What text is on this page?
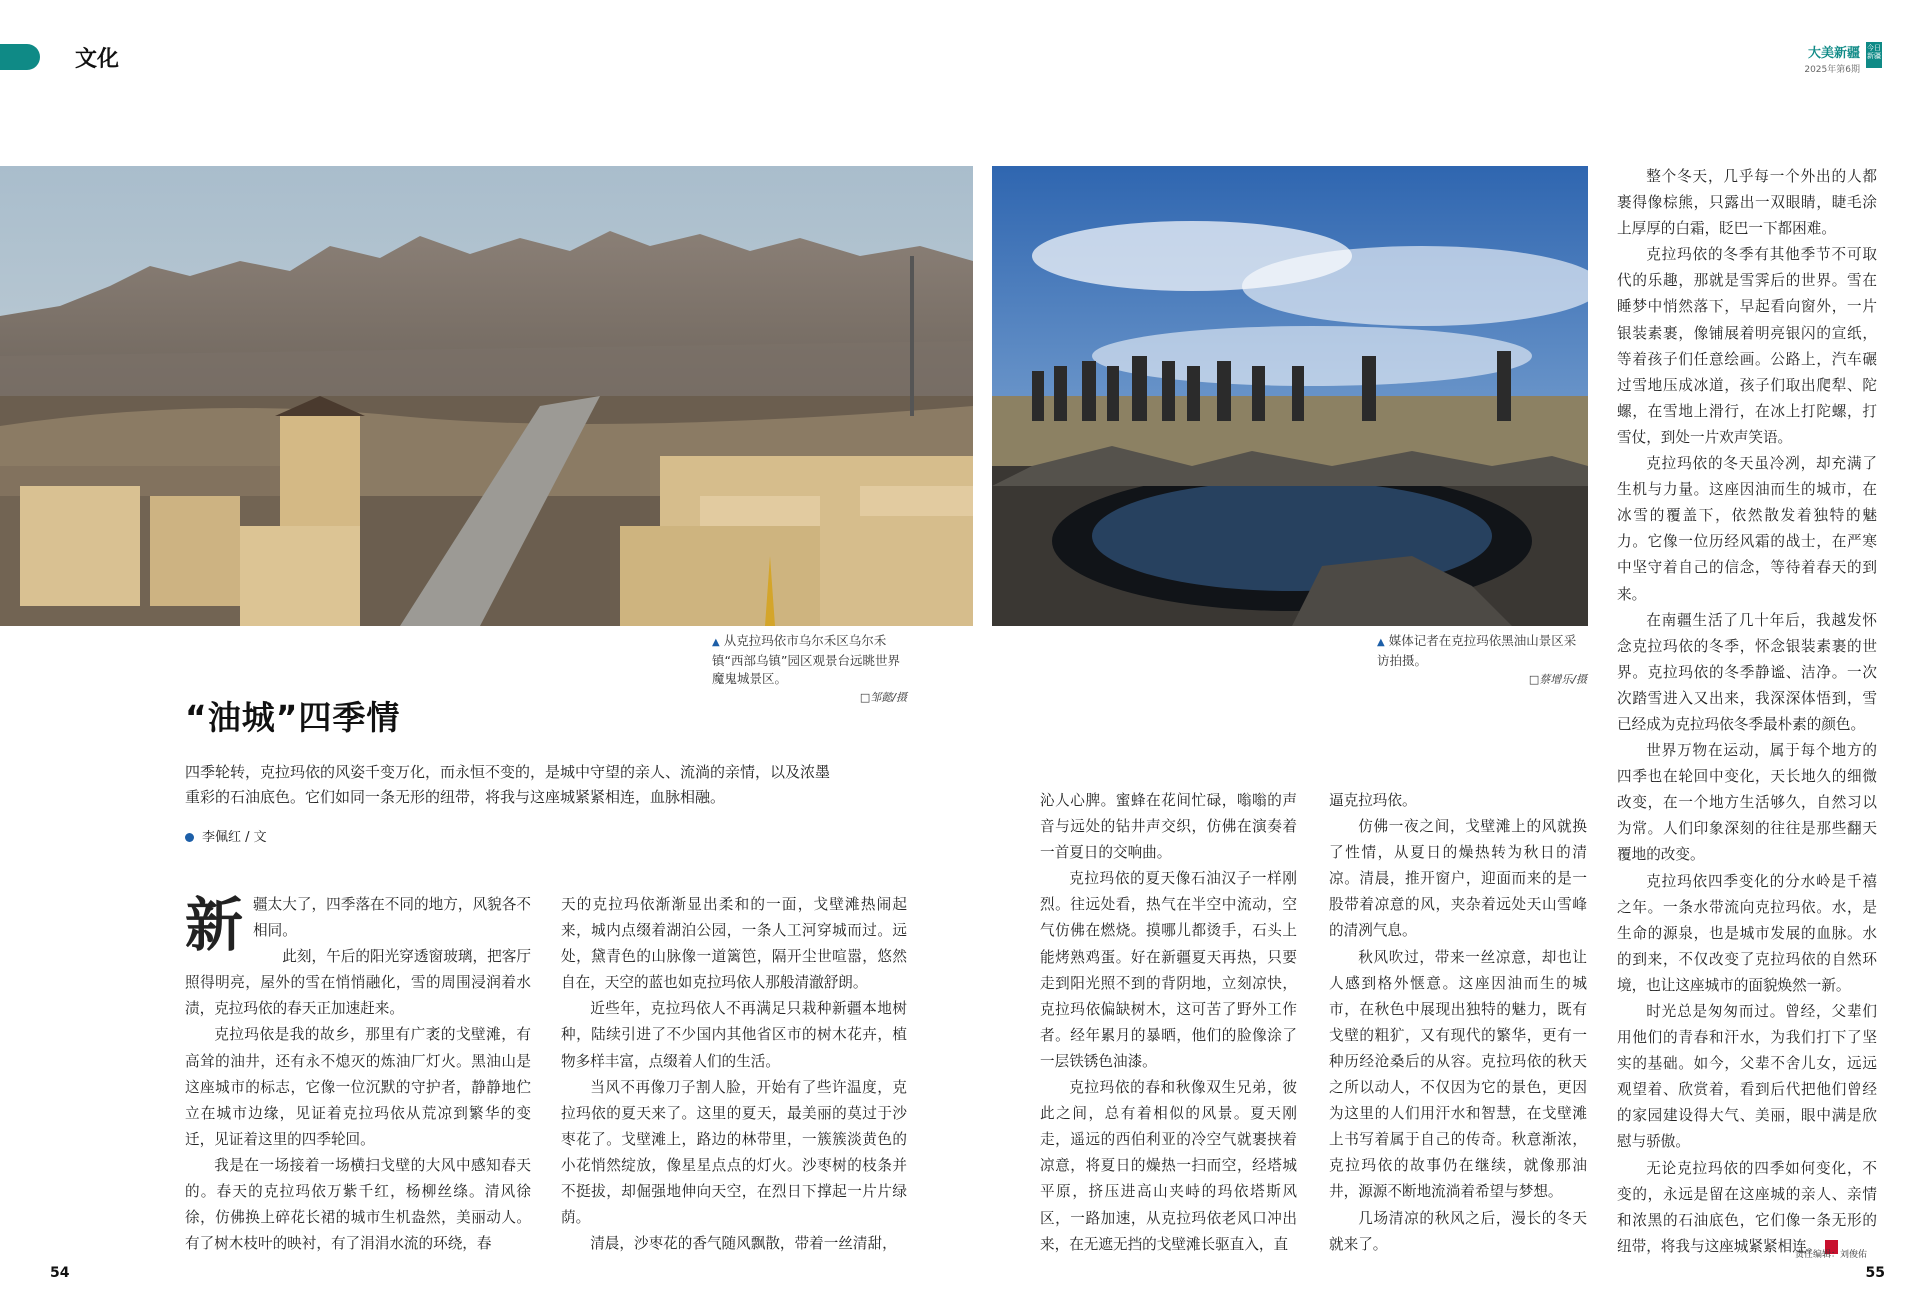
文化	大美新疆
2025年第6期
今日新疆
▲ 从克拉玛依市乌尔禾区乌尔禾镇“西部乌镇”园区观景台远眺世界魔鬼城景区。
□邹懿/摄
▲ 媒体记者在克拉玛依黑油山景区采访拍摄。
□蔡增乐/摄
“油城”四季情
四季轮转，克拉玛依的风姿千变万化，而永恒不变的，是城中守望的亲人、流淌的亲情，以及浓墨重彩的石油底色。它们如同一条无形的纽带，将我与这座城紧紧相连，血脉相融。
李佩红 / 文
新 疆太大了，四季落在不同的地方，风貌各不相同。

此刻，午后的阳光穿透窗玻璃，把客厅照得明亮，屋外的雪在悄悄融化，雪的周围浸润着水渍，克拉玛依的春天正加速赶来。

克拉玛依是我的故乡，那里有广袤的戈壁滩，有高耸的油井，还有永不熄灭的炼油厂灯火。黑油山是这座城市的标志，它像一位沉默的守护者，静静地伫立在城市边缘，见证着克拉玛依从荒凉到繁华的变迁，见证着这里的四季轮回。

我是在一场接着一场横扫戈壁的大风中感知春天的。春天的克拉玛依万紫千红，杨柳丝绦。清风徐徐，仿佛换上碎花长裙的城市生机盎然，美丽动人。有了树木枝叶的映衬，有了涓涓水流的环绕，春

天的克拉玛依渐渐显出柔和的一面，戈壁滩热闹起来，城内点缀着湖泊公园，一条人工河穿城而过。远处，黛青色的山脉像一道篱笆，隔开尘世喧嚣，悠然自在，天空的蓝也如克拉玛依人那般清澈舒朗。

近些年，克拉玛依人不再满足只栽种新疆本地树种，陆续引进了不少国内其他省区市的树木花卉，植物多样丰富，点缀着人们的生活。

当风不再像刀子割人脸，开始有了些许温度，克拉玛依的夏天来了。这里的夏天，最美丽的莫过于沙枣花了。戈壁滩上，路边的林带里，一簇簇淡黄色的小花悄然绽放，像星星点点的灯火。沙枣树的枝条并不挺拔，却倔强地伸向天空，在烈日下撑起一片片绿荫。

清晨，沙枣花的香气随风飘散，带着一丝清甜，

沁人心脾。蜜蜂在花间忙碌，嗡嗡的声音与远处的钻井声交织，仿佛在演奏着一首夏日的交响曲。

克拉玛依的夏天像石油汉子一样刚烈。往远处看，热气在半空中流动，空气仿佛在燃烧。摸哪儿都烫手，石头上能烤熟鸡蛋。好在新疆夏天再热，只要走到阳光照不到的背阴地，立刻凉快，克拉玛依偏缺树木，这可苦了野外工作者。经年累月的暴晒，他们的脸像涂了一层铁锈色油漆。

克拉玛依的春和秋像双生兄弟，彼此之间，总有着相似的风景。夏天刚走，遥远的西伯利亚的冷空气就裹挟着凉意，将夏日的燥热一扫而空，经塔城平原，挤压进高山夹峙的玛依塔斯风区，一路加速，从克拉玛依老风口冲出来，在无遮无挡的戈壁滩长驱直入，直

逼克拉玛依。

仿佛一夜之间，戈壁滩上的风就换了性情，从夏日的燥热转为秋日的清凉。清晨，推开窗户，迎面而来的是一股带着凉意的风，夹杂着远处天山雪峰的清冽气息。

秋风吹过，带来一丝凉意，却也让人感到格外惬意。这座因油而生的城市，在秋色中展现出独特的魅力，既有戈壁的粗犷，又有现代的繁华，更有一种历经沧桑后的从容。克拉玛依的秋天之所以动人，不仅因为它的景色，更因为这里的人们用汗水和智慧，在戈壁滩上书写着属于自己的传奇。秋意渐浓，克拉玛依的故事仍在继续，就像那油井，源源不断地流淌着希望与梦想。

几场清凉的秋风之后，漫长的冬天就来了。

整个冬天，几乎每一个外出的人都裹得像棕熊，只露出一双眼睛，睫毛涂上厚厚的白霜，眨巴一下都困难。

克拉玛依的冬季有其他季节不可取代的乐趣，那就是雪霁后的世界。雪在睡梦中悄然落下，早起看向窗外，一片银装素裹，像铺展着明亮银闪的宣纸，等着孩子们任意绘画。公路上，汽车碾过雪地压成冰道，孩子们取出爬犁、陀螺，在雪地上滑行，在冰上打陀螺，打雪仗，到处一片欢声笑语。

克拉玛依的冬天虽冷冽，却充满了生机与力量。这座因油而生的城市，在冰雪的覆盖下，依然散发着独特的魅力。它像一位历经风霜的战士，在严寒中坚守着自己的信念，等待着春天的到来。

在南疆生活了几十年后，我越发怀念克拉玛依的冬季，怀念银装素裹的世界。克拉玛依的冬季静谧、洁净。一次次踏雪进入又出来，我深深体悟到，雪已经成为克拉玛依冬季最朴素的颜色。

世界万物在运动，属于每个地方的四季也在轮回中变化，天长地久的细微改变，在一个地方生活够久，自然习以为常。人们印象深刻的往往是那些翻天覆地的改变。

克拉玛依四季变化的分水岭是千禧之年。一条水带流向克拉玛依。水，是生命的源泉，也是城市发展的血脉。水的到来，不仅改变了克拉玛依的自然环境，也让这座城市的面貌焕然一新。

时光总是匆匆而过。曾经，父辈们用他们的青春和汗水，为我们打下了坚实的基础。如今，父辈不舍儿女，远远观望着、欣赏着，看到后代把他们曾经的家园建设得大气、美丽，眼中满是欣慰与骄傲。

无论克拉玛依的四季如何变化，不变的，永远是留在这座城的亲人、亲情和浓黑的石油底色，它们像一条无形的纽带，将我与这座城紧紧相连。

54	55
责任编辑：刘俊佑
